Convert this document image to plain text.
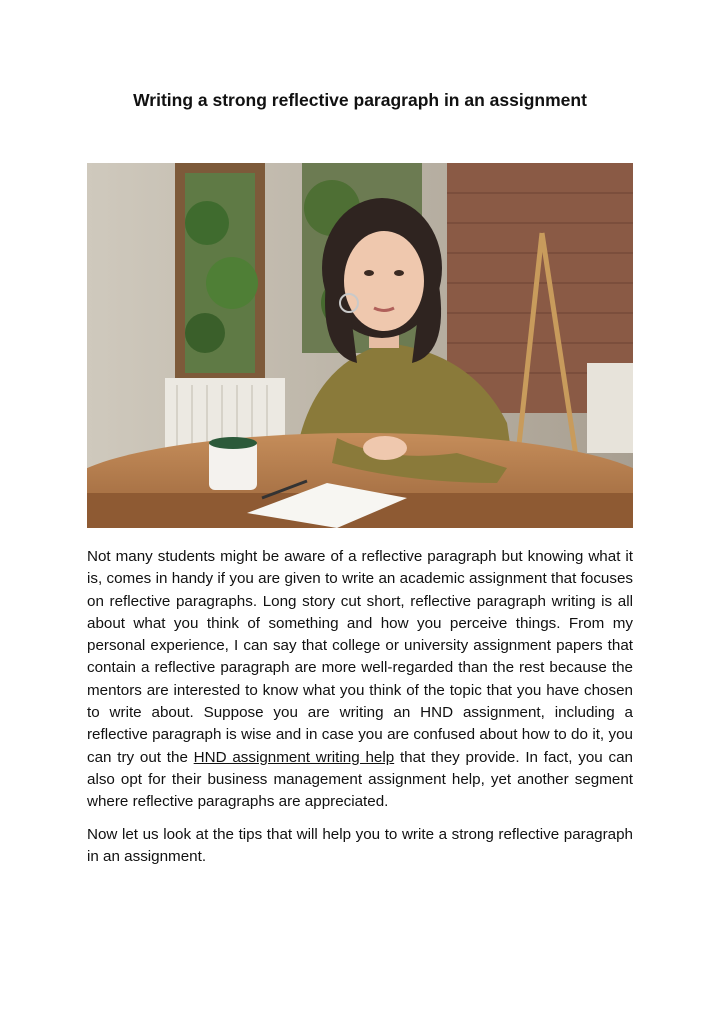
Writing a strong reflective paragraph in an assignment

Not many students might be aware of a reflective paragraph but knowing what it is, comes in handy if you are given to write an academic assignment that focuses on reflective paragraphs. Long story cut short, reflective paragraph writing is all about what you think of something and how you perceive things. From my personal experience, I can say that college or university assignment papers that contain a reflective paragraph are more well-regarded than the rest because the mentors are interested to know what you think of the topic that you have chosen to write about. Suppose you are writing an HND assignment, including a reflective paragraph is wise and in case you are confused about how to do it, you can try out the HND assignment writing help that they provide. In fact, you can also opt for their business management assignment help, yet another segment where reflective paragraphs are appreciated.

Now let us look at the tips that will help you to write a strong reflective paragraph in an assignment.
